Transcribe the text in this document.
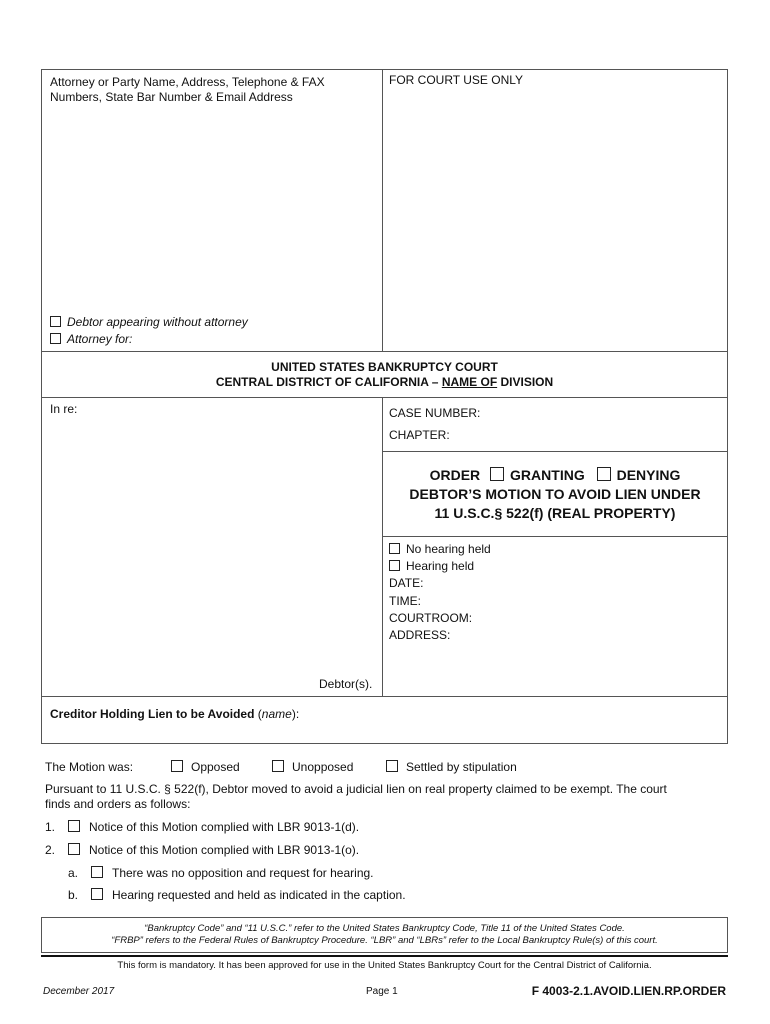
Attorney or Party Name, Address, Telephone & FAX
Numbers, State Bar Number & Email Address
FOR COURT USE ONLY
Debtor appearing without attorney
Attorney for:
UNITED STATES BANKRUPTCY COURT
CENTRAL DISTRICT OF CALIFORNIA – NAME OF DIVISION
In re:	CASE NUMBER:
CHAPTER:
Debtor(s).
ORDER GRANTING DENYING
DEBTOR’S MOTION TO AVOID LIEN UNDER
11 U.S.C.§ 522(f) (REAL PROPERTY)
No hearing held
Hearing held
DATE:
TIME:
COURTROOM:
ADDRESS:
Creditor Holding Lien to be Avoided (name):
The Motion was:	Opposed	Unopposed	Settled by stipulation
Pursuant to 11 U.S.C. § 522(f), Debtor moved to avoid a judicial lien on real property claimed to be exempt. The court
finds and orders as follows:
1.	Notice of this Motion complied with LBR 9013-1(d).
2.	Notice of this Motion complied with LBR 9013-1(o).
a.	There was no opposition and request for hearing.
b.	Hearing requested and held as indicated in the caption.
“Bankruptcy Code” and “11 U.S.C.” refer to the United States Bankruptcy Code, Title 11 of the United States Code.
“FRBP” refers to the Federal Rules of Bankruptcy Procedure. “LBR” and “LBRs” refer to the Local Bankruptcy Rule(s) of this court.
This form is mandatory. It has been approved for use in the United States Bankruptcy Court for the Central District of California.
December 2017	Page 1	F 4003-2.1.AVOID.LIEN.RP.ORDER
